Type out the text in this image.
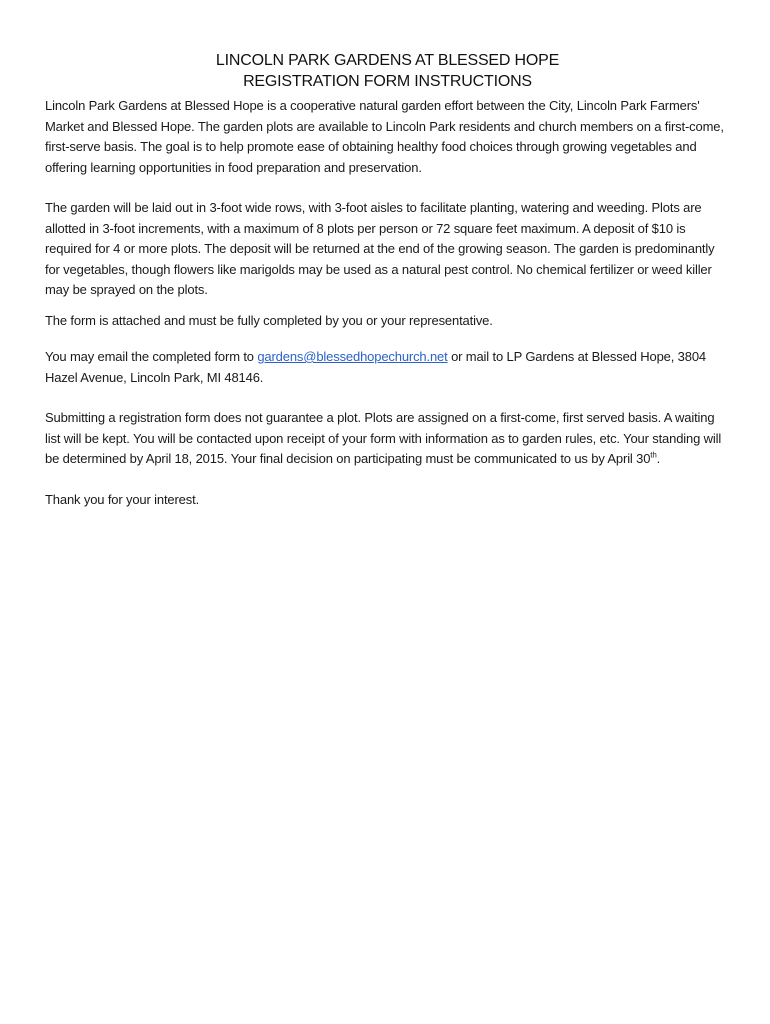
LINCOLN PARK GARDENS AT BLESSED HOPE
REGISTRATION FORM INSTRUCTIONS

Lincoln Park Gardens at Blessed Hope is a cooperative natural garden effort between the City, Lincoln Park Farmers' Market and Blessed Hope. The garden plots are available to Lincoln Park residents and church members on a first-come, first-serve basis. The goal is to help promote ease of obtaining healthy food choices through growing vegetables and offering learning opportunities in food preparation and preservation.

The garden will be laid out in 3-foot wide rows, with 3-foot aisles to facilitate planting, watering and weeding. Plots are allotted in 3-foot increments, with a maximum of 8 plots per person or 72 square feet maximum. A deposit of $10 is required for 4 or more plots. The deposit will be returned at the end of the growing season. The garden is predominantly for vegetables, though flowers like marigolds may be used as a natural pest control. No chemical fertilizer or weed killer may be sprayed on the plots.

The form is attached and must be fully completed by you or your representative.

You may email the completed form to gardens@blessedhopechurch.net or mail to LP Gardens at Blessed Hope, 3804 Hazel Avenue, Lincoln Park, MI 48146.

Submitting a registration form does not guarantee a plot. Plots are assigned on a first-come, first served basis. A waiting list will be kept. You will be contacted upon receipt of your form with information as to garden rules, etc. Your standing will be determined by April 18, 2015. Your final decision on participating must be communicated to us by April 30th.

Thank you for your interest.
